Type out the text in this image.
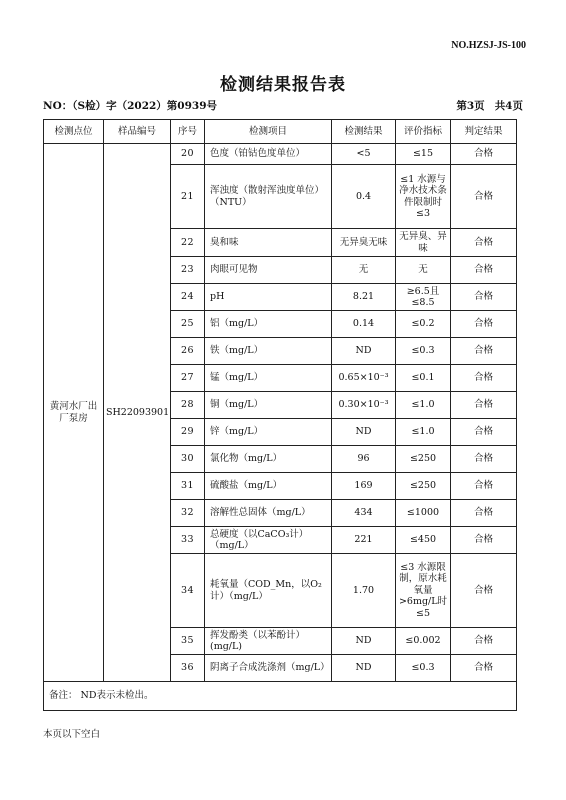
NO.HZSJ-JS-100
检测结果报告表
NO：（S检）字（2022）第0939号	第3页 共4页
检测点位	样品编号	序号	检测项目	检测结果	评价指标	判定结果
黄河水厂出厂泵房	SH22093901	20	色度（铂钴色度单位）	<5	≤15	合格
		21	浑浊度（散射浑浊度单位）（NTU）	0.4	≤1 水源与净水技术条件限制时≤3	合格
		22	臭和味	无异臭无味	无异臭、异味	合格
		23	肉眼可见物	无	无	合格
		24	pH	8.21	≥6.5且≤8.5	合格
		25	铝（mg/L）	0.14	≤0.2	合格
		26	铁（mg/L）	ND	≤0.3	合格
		27	锰（mg/L）	0.65×10⁻³	≤0.1	合格
		28	铜（mg/L）	0.30×10⁻³	≤1.0	合格
		29	锌（mg/L）	ND	≤1.0	合格
		30	氯化物（mg/L）	96	≤250	合格
		31	硫酸盐（mg/L）	169	≤250	合格
		32	溶解性总固体（mg/L）	434	≤1000	合格
		33	总硬度（以CaCO₃计）（mg/L）	221	≤450	合格
		34	耗氧量（COD_Mn，以O₂计）（mg/L）	1.70	≤3 水源限制，原水耗氧量>6mg/L时≤5	合格
		35	挥发酚类（以苯酚计）(mg/L)	ND	≤0.002	合格
		36	阴离子合成洗涤剂（mg/L）	ND	≤0.3	合格
备注： ND表示未检出。						
本页以下空白
